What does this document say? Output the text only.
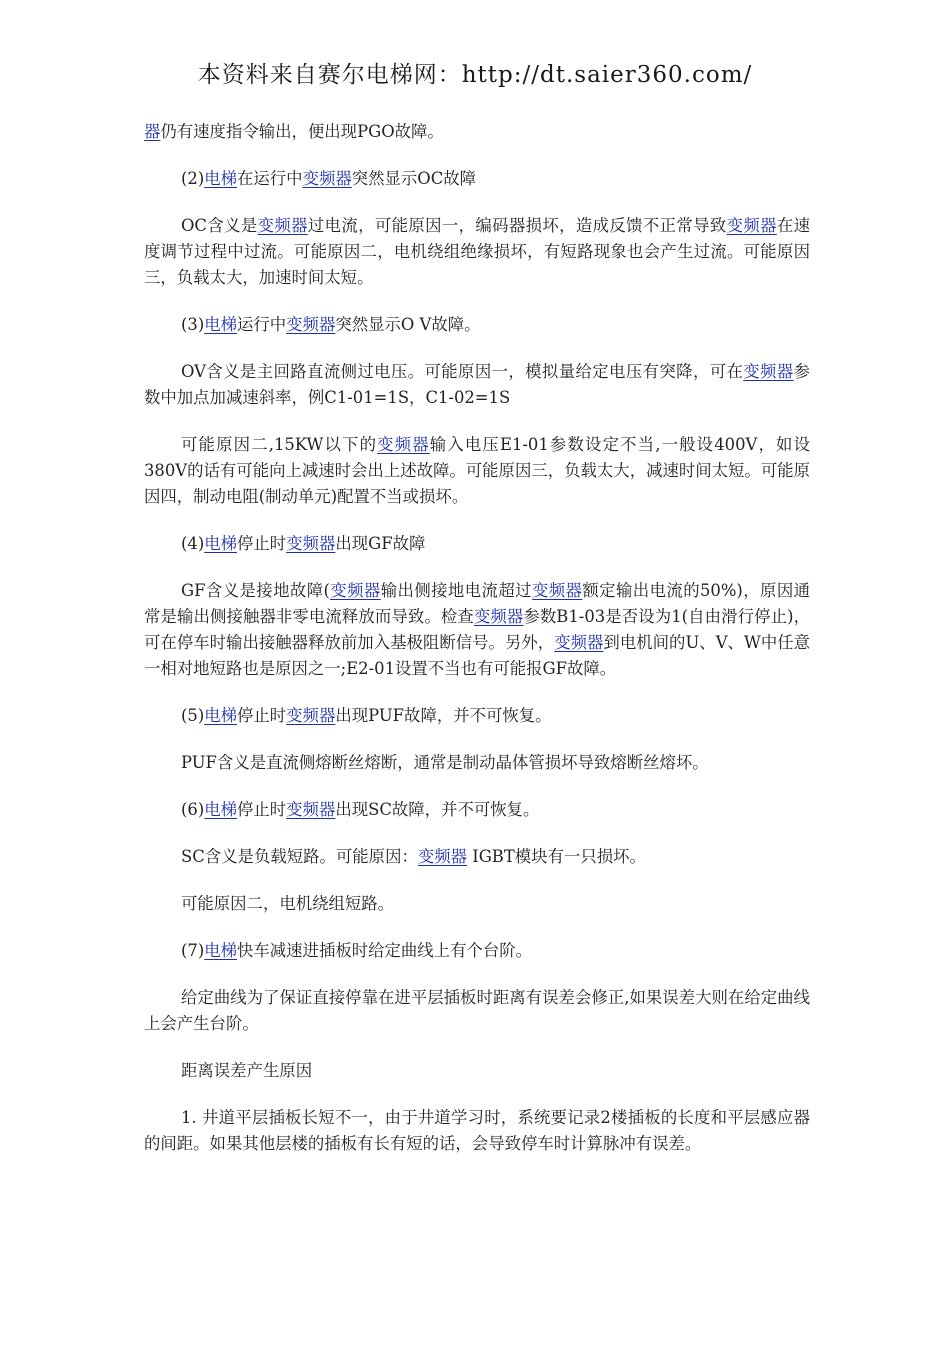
本资料来自赛尔电梯网：http://dt.saier360.com/

器仍有速度指令输出，便出现PGO故障。

(2)电梯在运行中变频器突然显示OC故障

OC含义是变频器过电流，可能原因一，编码器损坏，造成反馈不正常导致变频器在速度调节过程中过流。可能原因二，电机绕组绝缘损坏，有短路现象也会产生过流。可能原因三，负载太大，加速时间太短。

(3)电梯运行中变频器突然显示O V故障。

OV含义是主回路直流侧过电压。可能原因一，模拟量给定电压有突降，可在变频器参数中加点加减速斜率，例C1-01=1S，C1-02=1S

可能原因二,15KW以下的变频器输入电压E1-01参数设定不当,一般设400V，如设380V的话有可能向上减速时会出上述故障。可能原因三，负载太大，减速时间太短。可能原因四，制动电阻(制动单元)配置不当或损坏。

(4)电梯停止时变频器出现GF故障

GF含义是接地故障(变频器输出侧接地电流超过变频器额定输出电流的50%)，原因通常是输出侧接触器非零电流释放而导致。检查变频器参数B1-03是否设为1(自由滑行停止)，可在停车时输出接触器释放前加入基极阻断信号。另外，变频器到电机间的U、V、W中任意一相对地短路也是原因之一;E2-01设置不当也有可能报GF故障。

(5)电梯停止时变频器出现PUF故障，并不可恢复。

PUF含义是直流侧熔断丝熔断，通常是制动晶体管损坏导致熔断丝熔坏。

(6)电梯停止时变频器出现SC故障，并不可恢复。

SC含义是负载短路。可能原因：变频器 IGBT模块有一只损坏。

可能原因二，电机绕组短路。

(7)电梯快车减速进插板时给定曲线上有个台阶。

给定曲线为了保证直接停靠在进平层插板时距离有误差会修正,如果误差大则在给定曲线上会产生台阶。

距离误差产生原因

1. 井道平层插板长短不一，由于井道学习时，系统要记录2楼插板的长度和平层感应器的间距。如果其他层楼的插板有长有短的话，会导致停车时计算脉冲有误差。
